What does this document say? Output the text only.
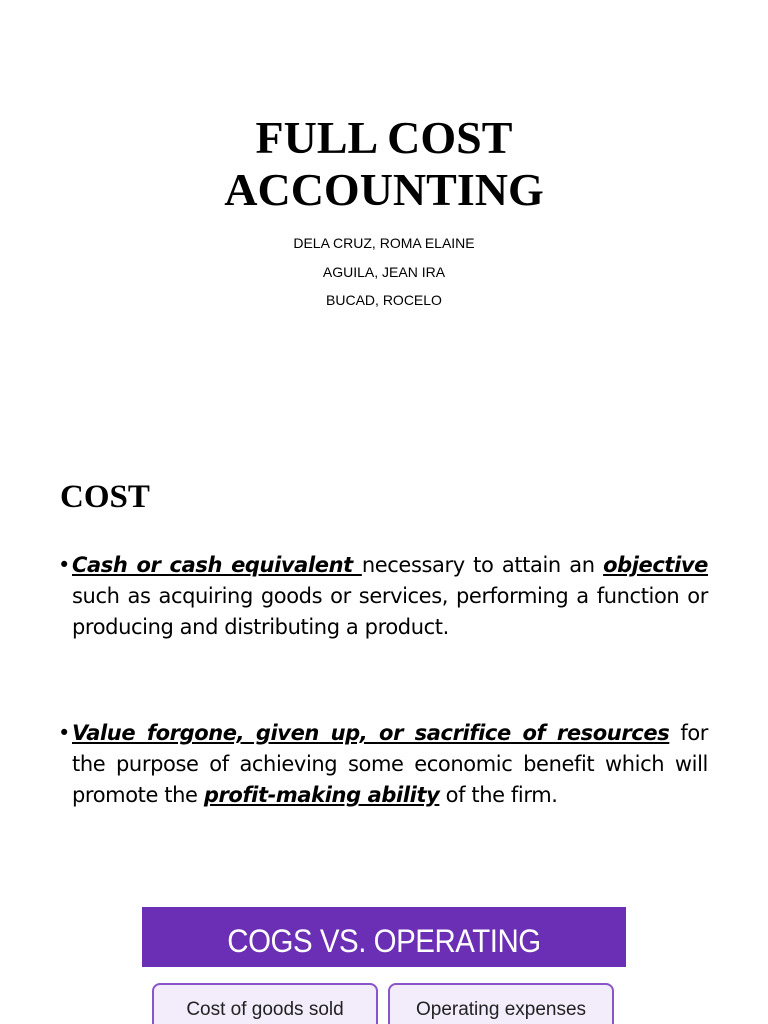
FULL COST
ACCOUNTING
DELA CRUZ, ROMA ELAINE
AGUILA, JEAN IRA
BUCAD, ROCELO
COST
• Cash or cash equivalent necessary to attain an objective such as acquiring goods or services, performing a function or producing and distributing a product.
• Value forgone, given up, or sacrifice of resources for the purpose of achieving some economic benefit which will promote the profit-making ability of the firm.
COGS VS. OPERATING
Cost of goods sold	Operating expenses
